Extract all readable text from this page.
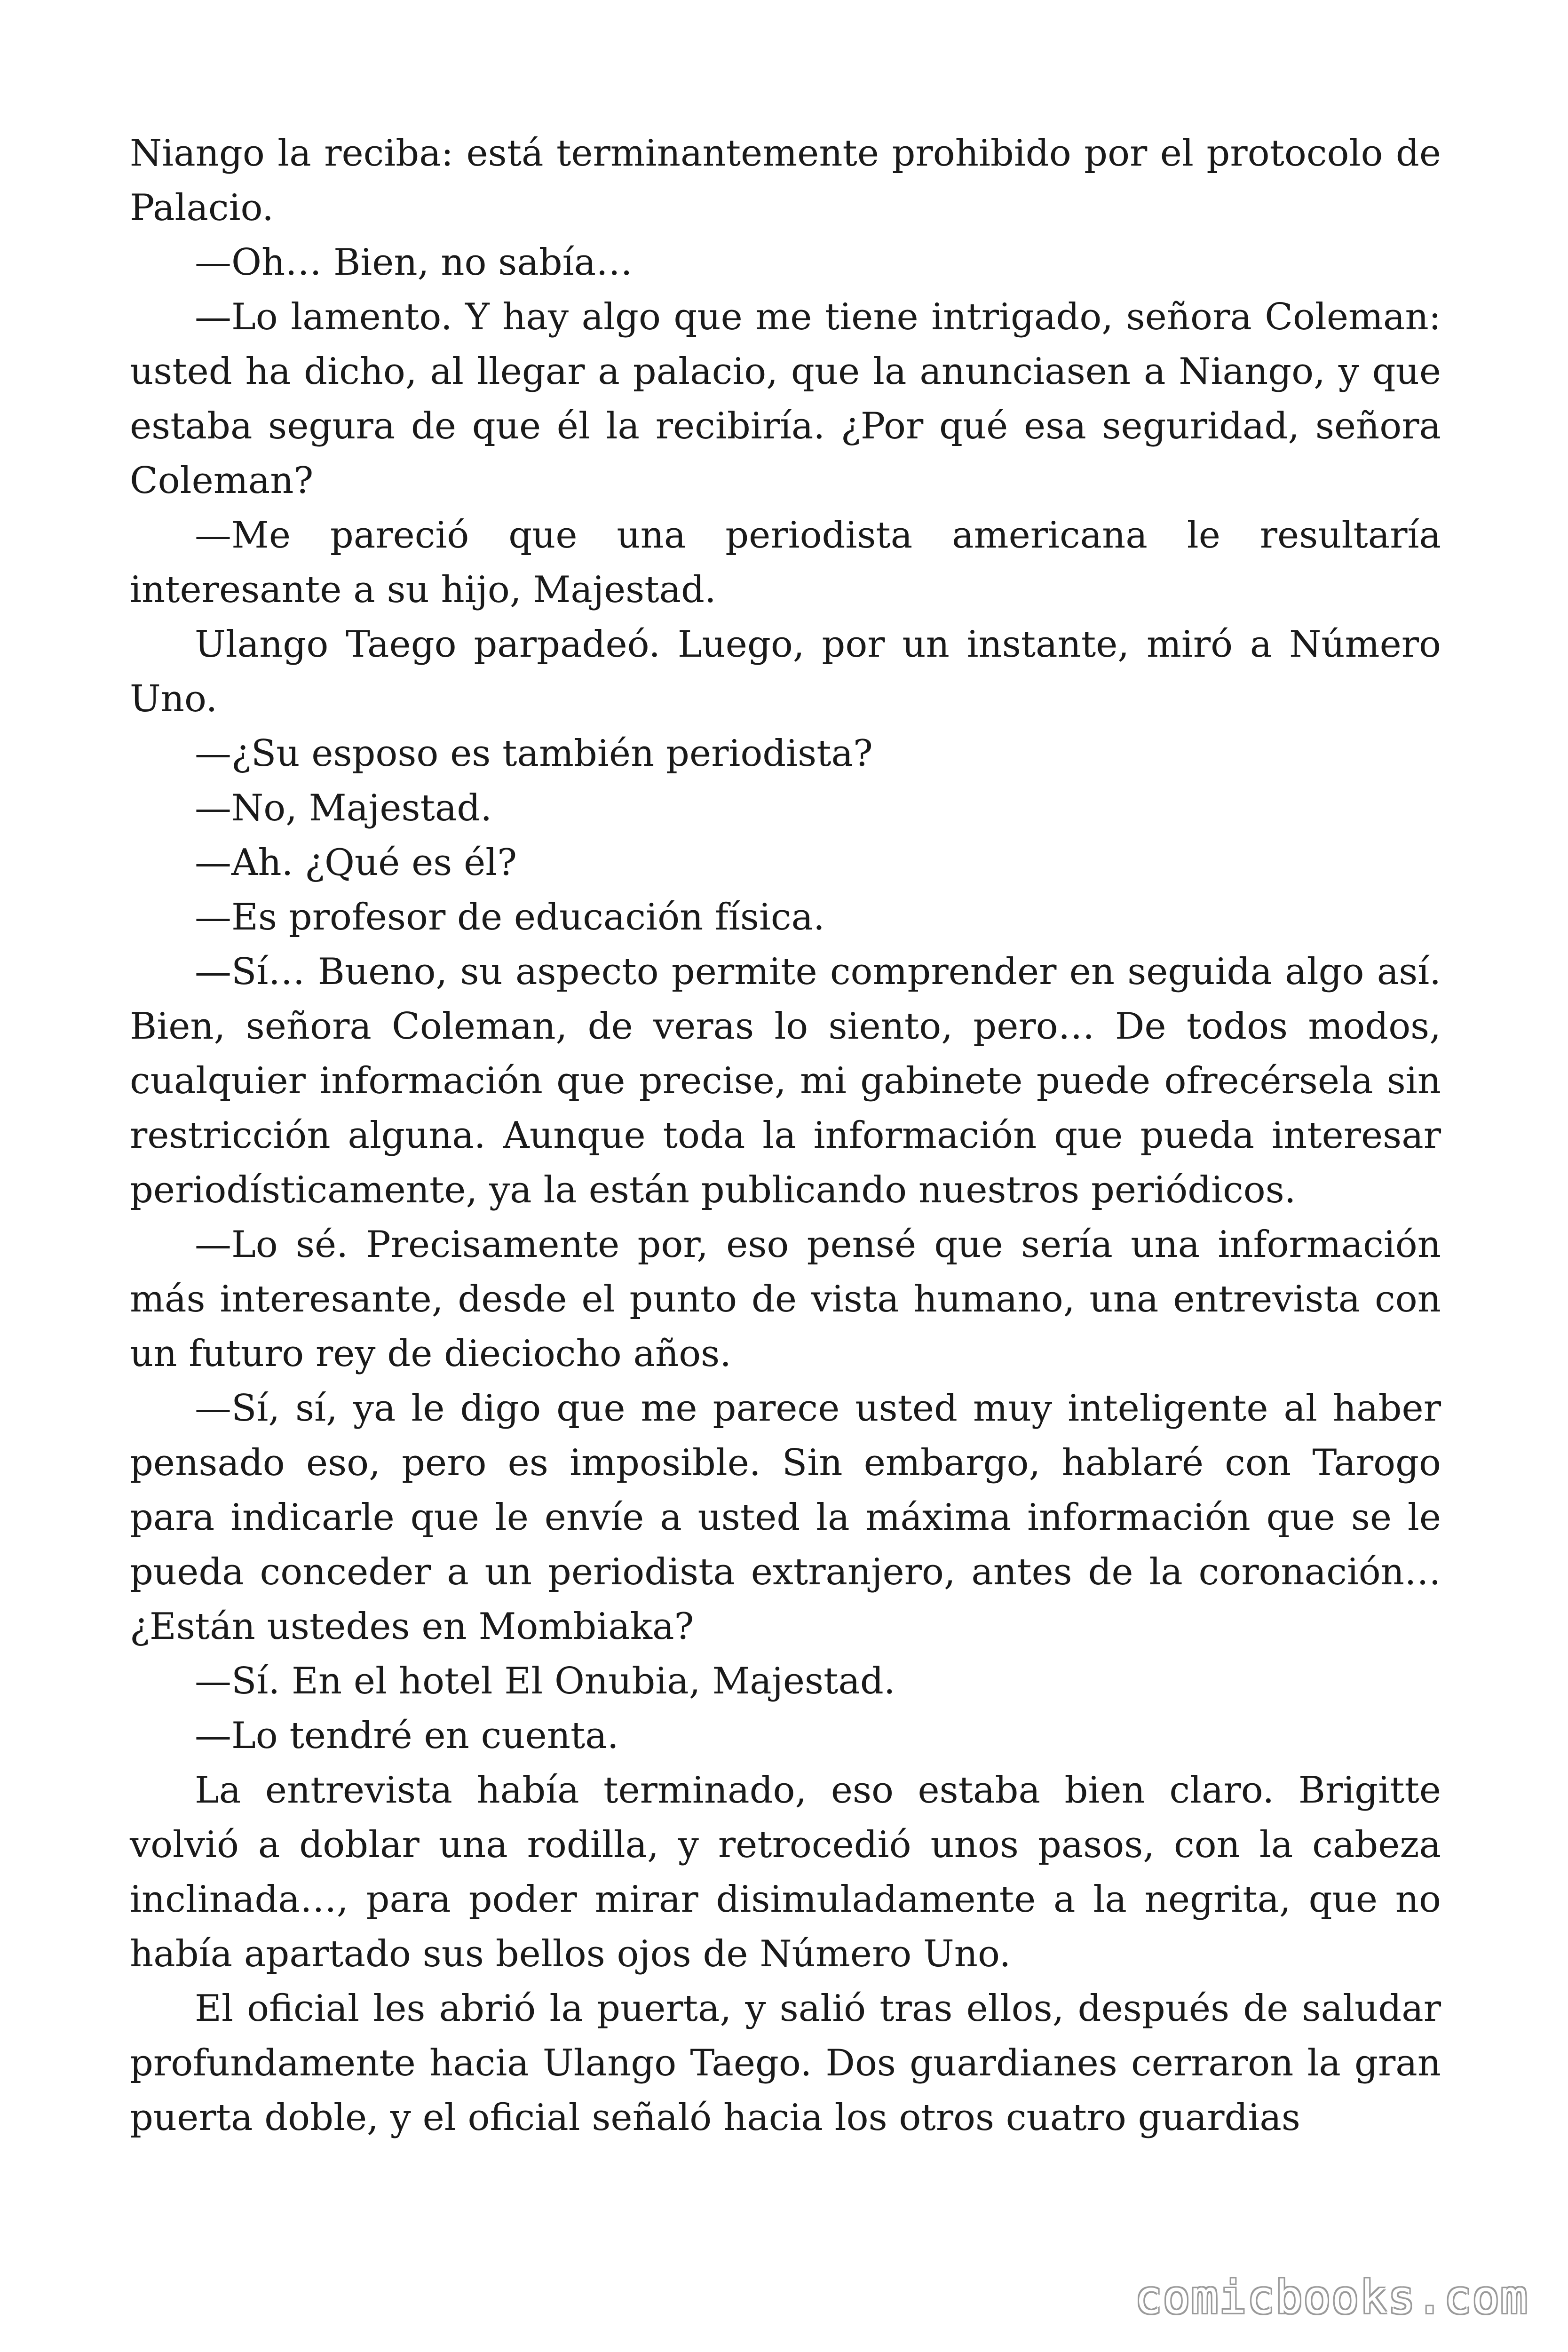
Niango la reciba: está terminantemente prohibido por el protocolo de Palacio.

—Oh… Bien, no sabía…

—Lo lamento. Y hay algo que me tiene intrigado, señora Coleman: usted ha dicho, al llegar a palacio, que la anunciasen a Niango, y que estaba segura de que él la recibiría. ¿Por qué esa seguridad, señora Coleman?

—Me pareció que una periodista americana le resultaría interesante a su hijo, Majestad.

Ulango Taego parpadeó. Luego, por un instante, miró a Número Uno.

—¿Su esposo es también periodista?

—No, Majestad.

—Ah. ¿Qué es él?

—Es profesor de educación física.

—Sí… Bueno, su aspecto permite comprender en seguida algo así. Bien, señora Coleman, de veras lo siento, pero… De todos modos, cualquier información que precise, mi gabinete puede ofrecérsela sin restricción alguna. Aunque toda la información que pueda interesar periodísticamente, ya la están publicando nuestros periódicos.

—Lo sé. Precisamente por, eso pensé que sería una información más interesante, desde el punto de vista humano, una entrevista con un futuro rey de dieciocho años.

—Sí, sí, ya le digo que me parece usted muy inteligente al haber pensado eso, pero es imposible. Sin embargo, hablaré con Tarogo para indicarle que le envíe a usted la máxima información que se le pueda conceder a un periodista extranjero, antes de la coronación… ¿Están ustedes en Mombiaka?

—Sí. En el hotel El Onubia, Majestad.

—Lo tendré en cuenta.

La entrevista había terminado, eso estaba bien claro. Brigitte volvió a doblar una rodilla, y retrocedió unos pasos, con la cabeza inclinada…, para poder mirar disimuladamente a la negrita, que no había apartado sus bellos ojos de Número Uno.

El oficial les abrió la puerta, y salió tras ellos, después de saludar profundamente hacia Ulango Taego. Dos guardianes cerraron la gran puerta doble, y el oficial señaló hacia los otros cuatro guardias

comicbooks.com
